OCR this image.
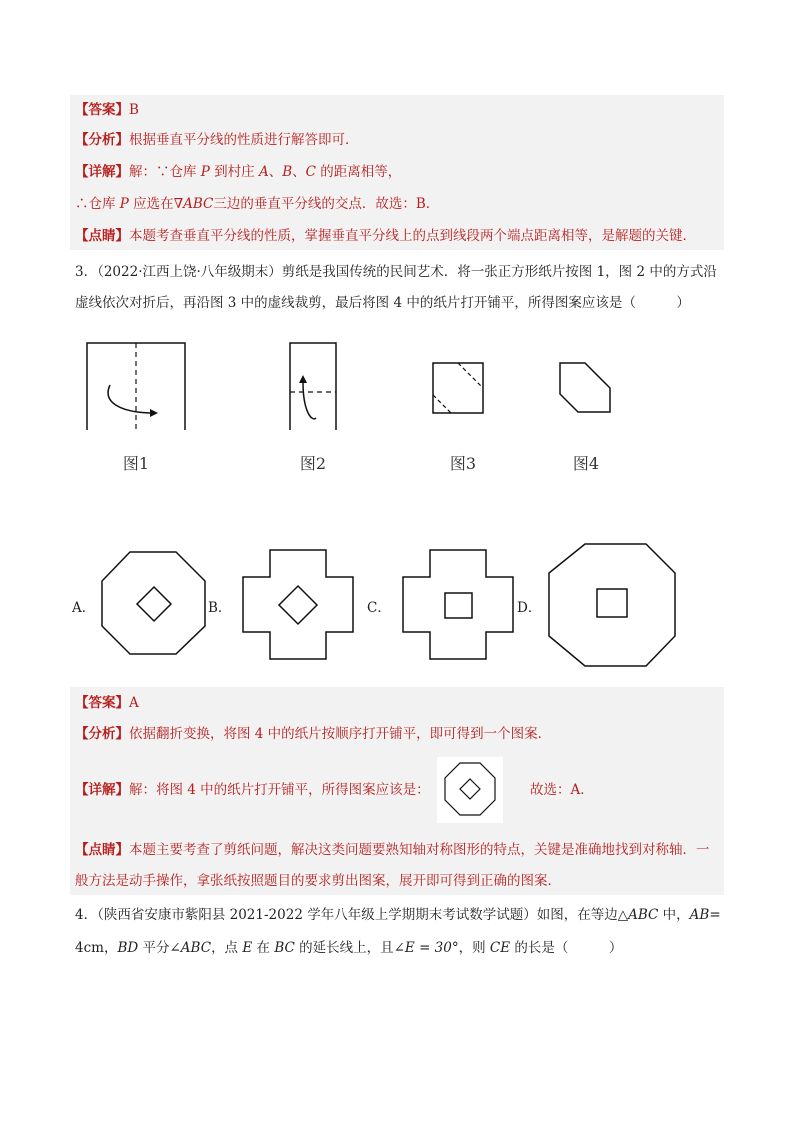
【答案】B
【分析】根据垂直平分线的性质进行解答即可．
【详解】解：∵仓库 P 到村庄 A、B、C 的距离相等，
∴仓库 P 应选在∇ABC三边的垂直平分线的交点．故选：B．
【点睛】本题考查垂直平分线的性质，掌握垂直平分线上的点到线段两个端点距离相等，是解题的关键．
3．（2022·江西上饶·八年级期末）剪纸是我国传统的民间艺术．将一张正方形纸片按图 1，图 2 中的方式沿
虚线依次对折后，再沿图 3 中的虚线裁剪，最后将图 4 中的纸片打开铺平，所得图案应该是（　　　）
图1	图2	图3	图4
A．	B．	C．	D．
【答案】A
【分析】依据翻折变换，将图 4 中的纸片按顺序打开铺平，即可得到一个图案．
【详解】解：将图 4 中的纸片打开铺平，所得图案应该是：	故选：A．
【点睛】本题主要考查了剪纸问题，解决这类问题要熟知轴对称图形的特点，关键是准确地找到对称轴．一
般方法是动手操作，拿张纸按照题目的要求剪出图案，展开即可得到正确的图案．
4．（陕西省安康市紫阳县 2021-2022 学年八年级上学期期末考试数学试题）如图，在等边△ABC 中，AB=
4cm，BD 平分∠ABC，点 E 在 BC 的延长线上，且∠E = 30°，则 CE 的长是（　　　）
